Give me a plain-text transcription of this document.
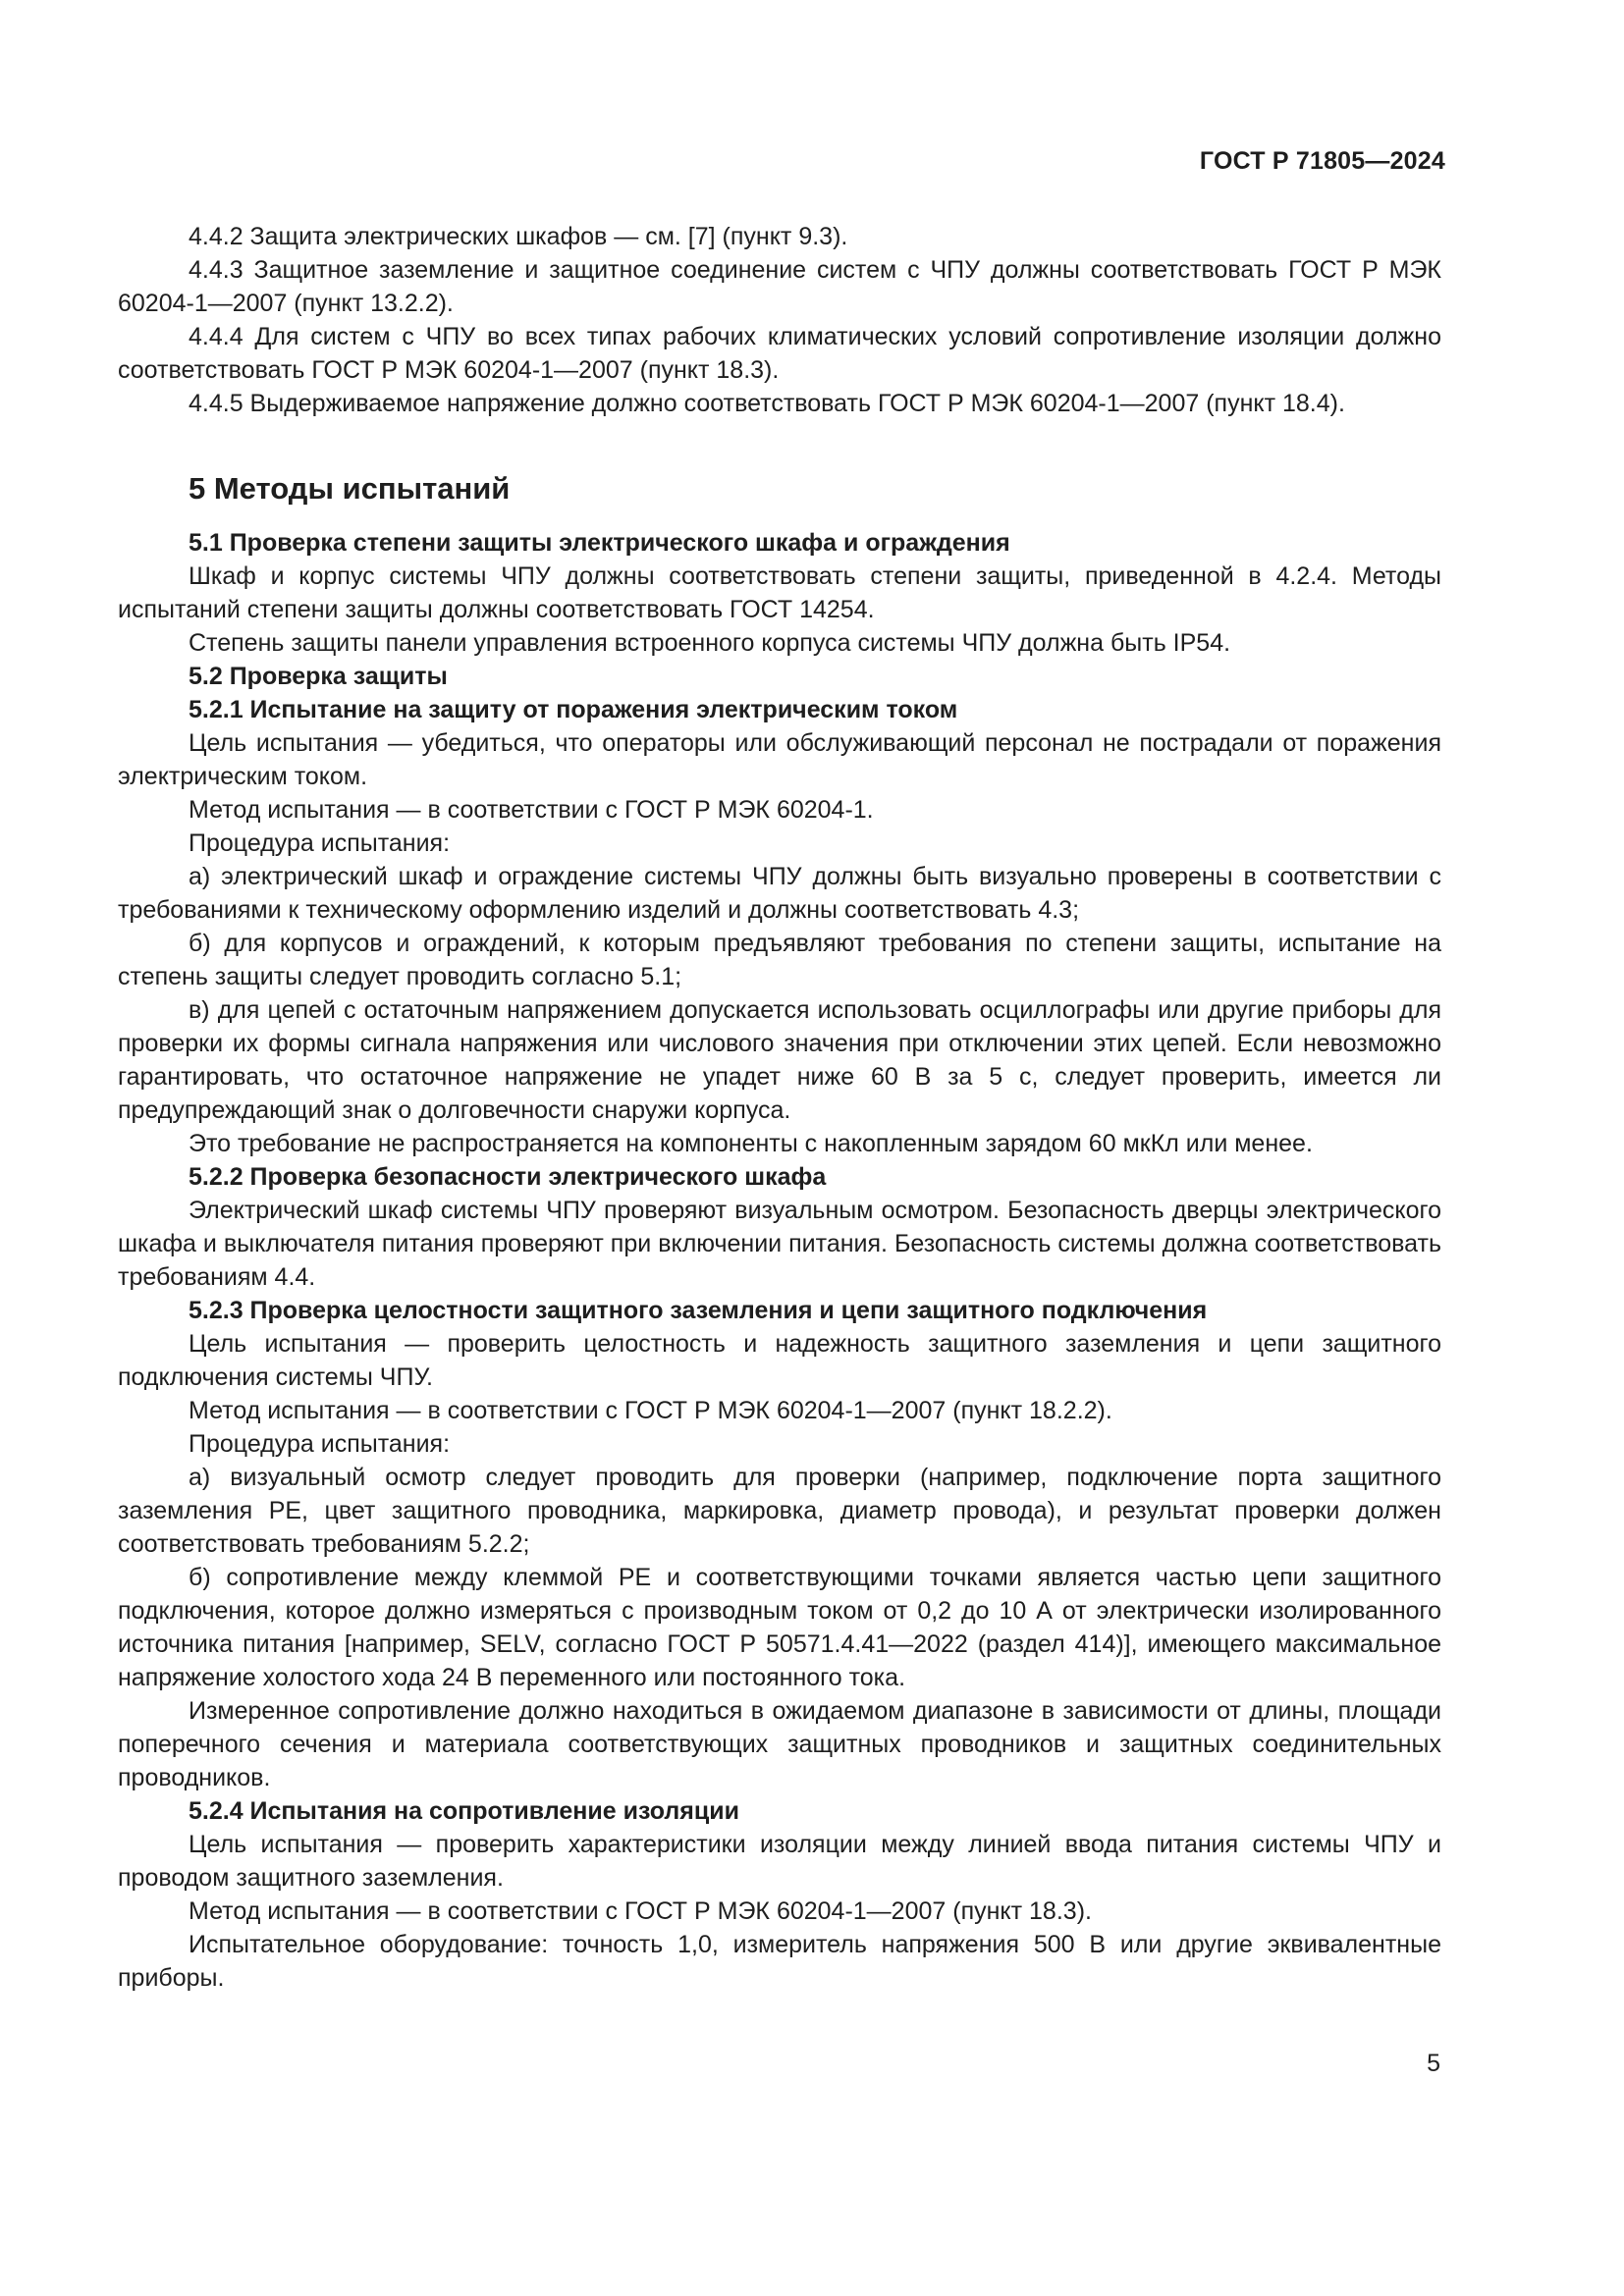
ГОСТ Р 71805—2024

4.4.2 Защита электрических шкафов — см. [7] (пункт 9.3).

4.4.3 Защитное заземление и защитное соединение систем с ЧПУ должны соответствовать ГОСТ Р МЭК 60204-1—2007 (пункт 13.2.2).

4.4.4 Для систем с ЧПУ во всех типах рабочих климатических условий сопротивление изоляции должно соответствовать ГОСТ Р МЭК 60204-1—2007 (пункт 18.3).

4.4.5 Выдерживаемое напряжение должно соответствовать ГОСТ Р МЭК 60204-1—2007 (пункт 18.4).

5 Методы испытаний

5.1 Проверка степени защиты электрического шкафа и ограждения

Шкаф и корпус системы ЧПУ должны соответствовать степени защиты, приведенной в 4.2.4. Методы испытаний степени защиты должны соответствовать ГОСТ 14254.

Степень защиты панели управления встроенного корпуса системы ЧПУ должна быть IP54.

5.2 Проверка защиты

5.2.1 Испытание на защиту от поражения электрическим током

Цель испытания — убедиться, что операторы или обслуживающий персонал не пострадали от поражения электрическим током.

Метод испытания — в соответствии с ГОСТ Р МЭК 60204-1.

Процедура испытания:

а) электрический шкаф и ограждение системы ЧПУ должны быть визуально проверены в соответствии с требованиями к техническому оформлению изделий и должны соответствовать 4.3;

б) для корпусов и ограждений, к которым предъявляют требования по степени защиты, испытание на степень защиты следует проводить согласно 5.1;

в) для цепей с остаточным напряжением допускается использовать осциллографы или другие приборы для проверки их формы сигнала напряжения или числового значения при отключении этих цепей. Если невозможно гарантировать, что остаточное напряжение не упадет ниже 60 В за 5 с, следует проверить, имеется ли предупреждающий знак о долговечности снаружи корпуса.

Это требование не распространяется на компоненты с накопленным зарядом 60 мкКл или менее.

5.2.2 Проверка безопасности электрического шкафа

Электрический шкаф системы ЧПУ проверяют визуальным осмотром. Безопасность дверцы электрического шкафа и выключателя питания проверяют при включении питания. Безопасность системы должна соответствовать требованиям 4.4.

5.2.3 Проверка целостности защитного заземления и цепи защитного подключения

Цель испытания — проверить целостность и надежность защитного заземления и цепи защитного подключения системы ЧПУ.

Метод испытания — в соответствии с ГОСТ Р МЭК 60204-1—2007 (пункт 18.2.2).

Процедура испытания:

а) визуальный осмотр следует проводить для проверки (например, подключение порта защитного заземления PE, цвет защитного проводника, маркировка, диаметр провода), и результат проверки должен соответствовать требованиям 5.2.2;

б) сопротивление между клеммой PE и соответствующими точками является частью цепи защитного подключения, которое должно измеряться с производным током от 0,2 до 10 А от электрически изолированного источника питания [например, SELV, согласно ГОСТ Р 50571.4.41—2022 (раздел 414)], имеющего максимальное напряжение холостого хода 24 В переменного или постоянного тока.

Измеренное сопротивление должно находиться в ожидаемом диапазоне в зависимости от длины, площади поперечного сечения и материала соответствующих защитных проводников и защитных соединительных проводников.

5.2.4 Испытания на сопротивление изоляции

Цель испытания — проверить характеристики изоляции между линией ввода питания системы ЧПУ и проводом защитного заземления.

Метод испытания — в соответствии с ГОСТ Р МЭК 60204-1—2007 (пункт 18.3).

Испытательное оборудование: точность 1,0, измеритель напряжения 500 В или другие эквивалентные приборы.

5
